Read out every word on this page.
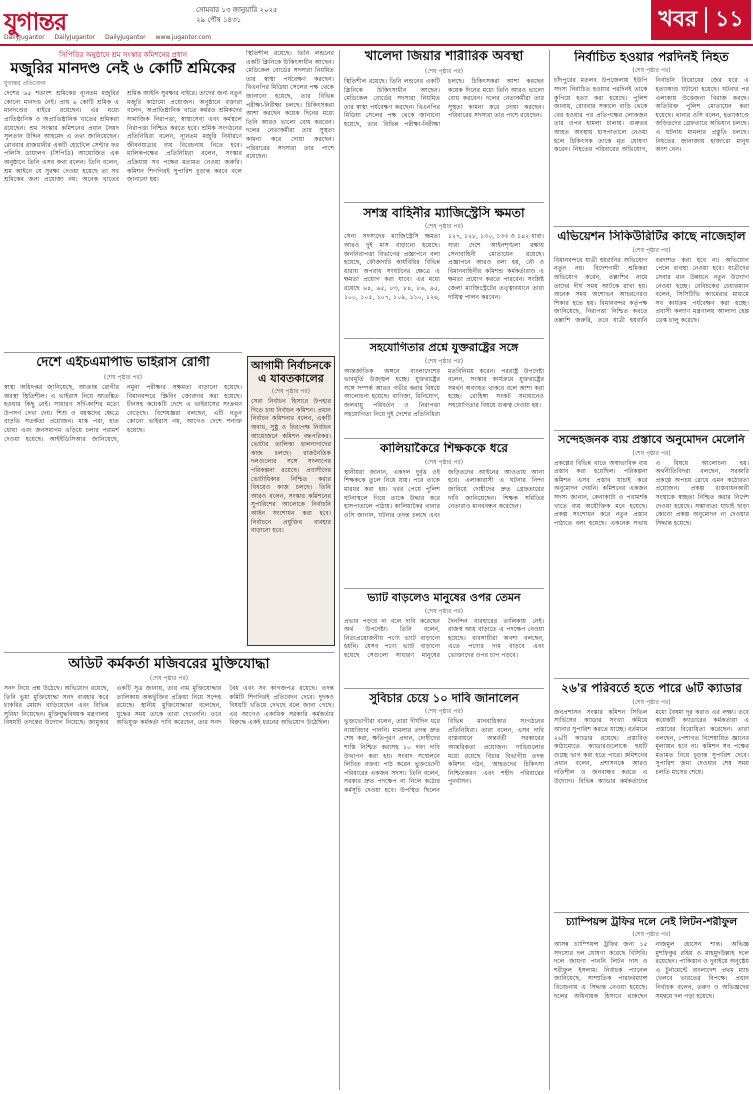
যুগান্তর	সোমবার ১৩ জানুয়ারি ২০২৫
২৯ পৌষ ১৪৩১
DailyJugantor DailyJugantor DailyJugantor www.jugantor.com
খবর ১১
সিপিডির অনুষ্ঠানে শ্রম সংস্কার কমিশনের প্রধান
মজুরির মানদণ্ড নেই ৬ কোটি শ্রমিকের
যুগান্তর প্রতিবেদন
দেশের ৬৫ শতাংশ শ্রমিকের ন্যূনতম মজুরির কোনো মানদণ্ড নেই। প্রায় ৬ কোটি শ্রমিক এ মানদণ্ডের বাইরে রয়েছেন। এর মধ্যে প্রাতিষ্ঠানিক ও অপ্রাতিষ্ঠানিক খাতের শ্রমিকরা রয়েছেন। শ্রম সংস্কার কমিশনের প্রধান সৈয়দ সুলতান উদ্দিন আহমেদ এ তথ্য জানিয়েছেন। রোববার রাজধানীর একটি হোটেলে সেন্টার ফর পলিসি ডায়ালগ (সিপিডি) আয়োজিত এক অনুষ্ঠানে তিনি এসব কথা বলেন। তিনি বলেন, শ্রম আইনে যে সুরক্ষা দেওয়া হয়েছে তা সব শ্রমিকের জন্য প্রযোজ্য নয়। অনেক খাতের শ্রমিক আইনি সুরক্ষার বাইরে। তাদের জন্য নতুন মজুরি কাঠামো প্রয়োজন। অনুষ্ঠানে বক্তারা বলেন, অপ্রাতিষ্ঠানিক খাতে কর্মরত শ্রমিকদের সামাজিক নিরাপত্তা, স্বাস্থ্যসেবা এবং কর্মস্থলে নিরাপত্তা নিশ্চিত করতে হবে। শ্রমিক সংগঠনের প্রতিনিধিরা বলেন, ন্যূনতম মজুরি নির্ধারণে জীবনযাত্রার ব্যয় বিবেচনায় নিতে হবে। মালিকপক্ষের প্রতিনিধিরা বলেন, সংস্কার প্রক্রিয়ায় সব পক্ষের মতামত নেওয়া জরুরি। কমিশন শিগগিরই সুপারিশ চূড়ান্ত করবে বলে জানানো হয়।
দেশে এইচএমপিভি ভাইরাস রোগী
(শেষ পৃষ্ঠার পর)
স্বাস্থ্য অধিদপ্তর জানিয়েছে, আক্রান্ত রোগীর অবস্থা স্থিতিশীল। এ ভাইরাস নিয়ে আতঙ্কিত হওয়ার কিছু নেই। সাধারণ সর্দি-কাশির মতো উপসর্গ দেখা দেয়। শিশু ও বয়স্কদের ক্ষেত্রে বাড়তি সতর্কতা প্রয়োজন। মাস্ক পরা, হাত ধোয়া এবং জনসমাগম এড়িয়ে চলার পরামর্শ দেওয়া হয়েছে। আইইডিসিআর জানিয়েছে, নমুনা পরীক্ষার সক্ষমতা বাড়ানো হয়েছে। বিমানবন্দরে স্ক্রিনিং জোরদার করা হয়েছে। চীনসহ কয়েকটি দেশে এ ভাইরাসের সংক্রমণ বেড়েছে। বিশেষজ্ঞরা বলছেন, এটি নতুন কোনো ভাইরাস নয়, আগেও দেশে শনাক্ত হয়েছে।
আগামী নির্বাচনকে এ যাবতকালের
(শেষ পৃষ্ঠার পর)
সেরা নির্বাচন হিসাবে উপহার দিতে চায় নির্বাচন কমিশন। প্রধান নির্বাচন কমিশনার বলেন, একটি অবাধ, সুষ্ঠু ও নিরপেক্ষ নির্বাচন আয়োজনে কমিশন বদ্ধপরিকর। ভোটার তালিকা হালনাগাদের কাজ চলছে। রাজনৈতিক দলগুলোর সঙ্গে সংলাপের পরিকল্পনা রয়েছে। প্রবাসীদের ভোটাধিকার নিশ্চিত করার বিষয়েও কাজ চলছে। তিনি আরও বলেন, সংস্কার কমিশনের সুপারিশের আলোকে নির্বাচনি আইন সংশোধন করা হবে। নির্বাচনে প্রযুক্তির ব্যবহার বাড়ানো হবে।
অডিট কর্মকর্তা মজিবরের মুক্তিযোদ্ধা
(শেষ পৃষ্ঠার পর)
সনদ নিয়ে প্রশ্ন উঠেছে। অভিযোগ রয়েছে, তিনি ভুয়া মুক্তিযোদ্ধা সনদ ব্যবহার করে চাকরির মেয়াদ বাড়িয়েছেন এবং বিভিন্ন সুবিধা নিয়েছেন। মুক্তিযুদ্ধবিষয়ক মন্ত্রণালয় বিষয়টি তদন্তের উদ্যোগ নিয়েছে। জামুকার একটি সূত্র জানায়, তার নাম মুক্তিযোদ্ধার তালিকায় অন্তর্ভুক্তির প্রক্রিয়া নিয়ে সন্দেহ রয়েছে। স্থানীয় মুক্তিযোদ্ধারা বলেছেন, যুদ্ধের সময় তাকে তারা দেখেননি। তবে অভিযুক্ত কর্মকর্তা দাবি করেছেন, তার সনদ বৈধ এবং সব কাগজপত্র রয়েছে। তদন্ত কমিটি শিগগিরই প্রতিবেদন দেবে। দুদকও বিষয়টি খতিয়ে দেখছে বলে জানা গেছে। এর আগেও একাধিক সরকারি কর্মকর্তার বিরুদ্ধে একই ধরনের অভিযোগ উঠেছিল।
স্থিতিশীল রয়েছে। তিনি লন্ডনের একটি ক্লিনিকে চিকিৎসাধীন আছেন। মেডিকেল বোর্ডের সদস্যরা নিয়মিত তার স্বাস্থ্য পর্যবেক্ষণ করছেন। বিএনপির মিডিয়া সেলের পক্ষ থেকে জানানো হয়েছে, তার বিভিন্ন পরীক্ষা-নিরীক্ষা চলছে। চিকিৎসকরা আশা করছেন কয়েক দিনের মধ্যে তিনি আরও ভালো বোধ করবেন। দলের নেতাকর্মীরা তার সুস্থতা কামনা করে দোয়া করছেন। পরিবারের সদস্যরা তার পাশে রয়েছেন।
খালেদা জিয়ার শারীরিক অবস্থা
(শেষ পৃষ্ঠার পর)
স্থিতিশীল রয়েছে। তিনি লন্ডনের একটি ক্লিনিকে চিকিৎসাধীন আছেন। মেডিকেল বোর্ডের সদস্যরা নিয়মিত তার স্বাস্থ্য পর্যবেক্ষণ করছেন। বিএনপির মিডিয়া সেলের পক্ষ থেকে জানানো হয়েছে, তার বিভিন্ন পরীক্ষা-নিরীক্ষা চলছে। চিকিৎসকরা আশা করছেন কয়েক দিনের মধ্যে তিনি আরও ভালো বোধ করবেন। দলের নেতাকর্মীরা তার সুস্থতা কামনা করে দোয়া করছেন। পরিবারের সদস্যরা তার পাশে রয়েছেন।
সশস্ত্র বাহিনীর ম্যাজিস্ট্রেসি ক্ষমতা
(শেষ পৃষ্ঠার পর)
সেনা সদস্যদের ম্যাজিস্ট্রেসি ক্ষমতা আরও দুই মাস বাড়ানো হয়েছে। জননিরাপত্তা বিভাগের প্রজ্ঞাপনে বলা হয়েছে, ফৌজদারি কার্যবিধির বিভিন্ন ধারায় অপরাধ সংঘটনের ক্ষেত্রে এ ক্ষমতা প্রয়োগ করা যাবে। এর মধ্যে রয়েছে ৬৪, ৬৫, ৮৩, ৮৪, ৮৬, ৯৫, ১০০, ১০৫, ১০৭, ১০৯, ১১০, ১২৬, ১২৭, ১২৮, ১৩০, ১৩৩ ও ১৪২ ধারা। সারা দেশে আইনশৃঙ্খলা রক্ষায় সেনাবাহিনী মোতায়েন রয়েছে। প্রজ্ঞাপনে আরও বলা হয়, নৌ ও বিমানবাহিনীর কমিশন্ড কর্মকর্তারাও এ ক্ষমতা প্রয়োগ করতে পারবেন। সংশ্লিষ্ট জেলা ম্যাজিস্ট্রেটের তত্ত্বাবধানে তারা দায়িত্ব পালন করবেন।
সহযোগিতার প্রশ্নে যুক্তরাষ্ট্রের সঙ্গে
(শেষ পৃষ্ঠার পর)
আন্তর্জাতিক অঙ্গনে বাংলাদেশের ভাবমূর্তি উজ্জ্বল হচ্ছে। যুক্তরাষ্ট্রের সঙ্গে সম্পর্ক আরও গভীর করার বিষয়ে আলোচনা হয়েছে। বাণিজ্য, বিনিয়োগ, জলবায়ু পরিবর্তন ও নিরাপত্তা সহযোগিতা নিয়ে দুই দেশের প্রতিনিধিরা মতবিনিময় করেন। পররাষ্ট্র উপদেষ্টা বলেন, সংস্কার কার্যক্রমে যুক্তরাষ্ট্রের সমর্থন অব্যাহত থাকবে বলে আশা করা হচ্ছে। রোহিঙ্গা সংকট সমাধানেও সহযোগিতার বিষয়ে গুরুত্ব দেওয়া হয়।
কালিয়াকৈরে শিক্ষককে ধরে
(শেষ পৃষ্ঠার পর)
স্থানীয়রা জানান, একদল দুর্বৃত্ত ওই শিক্ষককে তুলে নিয়ে যায়। পরে তাকে মারধর করা হয়। খবর পেয়ে পুলিশ ঘটনাস্থলে গিয়ে তাকে উদ্ধার করে হাসপাতালে পাঠায়। কালিয়াকৈর থানার ওসি জানান, ঘটনার তদন্ত চলছে এবং জড়িতদের আইনের আওতায় আনা হবে। এলাকাবাসী এ ঘটনার নিন্দা জানিয়ে দোষীদের দ্রুত গ্রেফতারের দাবি জানিয়েছেন। শিক্ষক সমিতির নেতারাও মানববন্ধন করেছেন।
ভ্যাট বাড়লেও মানুষের ওপর তেমন
(শেষ পৃষ্ঠার পর)
প্রভাব পড়বে না বলে দাবি করেছেন অর্থ উপদেষ্টা। তিনি বলেন, নিত্যপ্রয়োজনীয় পণ্যে ভ্যাট বাড়ানো হয়নি। যেসব পণ্যে ভ্যাট বাড়ানো হয়েছে সেগুলো সাধারণ মানুষের দৈনন্দিন ব্যবহারের তালিকায় নেই। রাজস্ব আয় বাড়াতে এ পদক্ষেপ নেওয়া হয়েছে। ব্যবসায়ীরা অবশ্য বলছেন, এতে পণ্যের দাম বাড়বে এবং ভোক্তাদের ওপর চাপ পড়বে।
সুবিচার চেয়ে ১০ দাবি জানালেন
(শেষ পৃষ্ঠার পর)
ভুক্তভোগীরা বলেন, তারা দীর্ঘদিন ধরে ন্যায়বিচার পাননি। মামলার তদন্ত দ্রুত শেষ করা, ক্ষতিপূরণ প্রদান, দোষীদের শাস্তি নিশ্চিত করাসহ ১০ দফা দাবি উত্থাপন করা হয়। সংবাদ সম্মেলনে লিখিত বক্তব্য পাঠ করেন ভুক্তভোগী পরিবারের একজন সদস্য। তিনি বলেন, সরকার দ্রুত পদক্ষেপ না নিলে কঠোর কর্মসূচি দেওয়া হবে। উপস্থিত ছিলেন বিভিন্ন মানবাধিকার সংগঠনের প্রতিনিধিরা। তারা বলেন, এসব দাবি বাস্তবায়নে অন্তর্বর্তী সরকারের আন্তরিকতা প্রয়োজন। দাবিগুলোর মধ্যে রয়েছে বিচার বিভাগীয় তদন্ত কমিশন গঠন, আহতদের চিকিৎসা নিশ্চিতকরণ এবং শহীদ পরিবারের পুনর্বাসন।
নির্বাচিত হওয়ার পরদিনই নিহত
(শেষ পৃষ্ঠার পর)
চাঁদপুরের মতলব উপজেলায় ইউপি সদস্য নির্বাচিত হওয়ার পরদিনই তাকে কুপিয়ে হত্যা করা হয়েছে। পুলিশ জানায়, রোববার সকালে বাড়ি থেকে বের হওয়ার পর প্রতিপক্ষের লোকজন তার ওপর হামলা চালায়। গুরুতর আহত অবস্থায় হাসপাতালে নেওয়া হলে চিকিৎসক তাকে মৃত ঘোষণা করেন। নিহতের পরিবারের অভিযোগ, নির্বাচনি বিরোধের জের ধরে এ হত্যাকাণ্ড ঘটানো হয়েছে। ঘটনার পর এলাকায় উত্তেজনা বিরাজ করছে। অতিরিক্ত পুলিশ মোতায়েন করা হয়েছে। থানার ওসি বলেন, হত্যাকাণ্ডে জড়িতদের গ্রেফতারে অভিযান চলছে। এ ঘটনায় মামলার প্রস্তুতি চলছে। নিহতের জানাজায় হাজারো মানুষ অংশ নেন।
এভিয়েশন সিকিউরিটির কাছে নাজেহাল
(শেষ পৃষ্ঠার পর)
বিমানবন্দরে যাত্রী হয়রানির অভিযোগ নতুন নয়। বিদেশগামী শ্রমিকরা অভিযোগ করেন, তল্লাশির নামে তাদের দীর্ঘ সময় আটকে রাখা হয়। অনেক সময় অশোভন আচরণেরও শিকার হতে হয়। বিমানবন্দর কর্তৃপক্ষ জানিয়েছে, নিরাপত্তা নিশ্চিত করতে তল্লাশি জরুরি, তবে যাত্রী হয়রানি বরদাশত করা হবে না। অভিযোগ পেলে ব্যবস্থা নেওয়া হবে। যাত্রীদের সেবার মান উন্নয়নে নতুন উদ্যোগ নেওয়া হচ্ছে। বেবিচকের চেয়ারম্যান বলেন, সিসিটিভি ক্যামেরার মাধ্যমে সব কার্যক্রম পর্যবেক্ষণ করা হচ্ছে। প্রবাসী কল্যাণ মন্ত্রণালয় আলাদা হেল্প ডেস্ক চালু করেছে।
সন্দেহজনক ব্যয় প্রস্তাবে অনুমোদন মেলেনি
(শেষ পৃষ্ঠার পর)
প্রকল্পের বিভিন্ন খাতে অস্বাভাবিক ব্যয় প্রস্তাব করা হয়েছিল। পরিকল্পনা কমিশন এসব প্রস্তাব যাচাই করে অনুমোদন দেয়নি। কমিশনের একজন সদস্য জানান, কেনাকাটা ও পরামর্শক খাতে ব্যয় অযৌক্তিক মনে হয়েছে। প্রকল্প সংশোধন করে নতুন প্রস্তাব পাঠাতে বলা হয়েছে। একনেক সভায় এ বিষয়ে আলোচনা হয়। অর্থনীতিবিদরা বলছেন, সরকারি প্রকল্পে অপচয় রোধে এমন কঠোরতা প্রয়োজন। প্রকল্প বাস্তবায়নকারী সংস্থাকে স্বচ্ছতা নিশ্চিত করার নির্দেশ দেওয়া হয়েছে। সম্ভাব্যতা যাচাই ছাড়া কোনো প্রকল্প অনুমোদন না দেওয়ার সিদ্ধান্ত হয়েছে।
২৬'র পরিবর্তে হতে পারে ৬টি ক্যাডার
(শেষ পৃষ্ঠার পর)
জনপ্রশাসন সংস্কার কমিশন সিভিল সার্ভিসের ক্যাডার সংখ্যা কমিয়ে আনার সুপারিশ করতে যাচ্ছে। বর্তমানে ২৬টি ক্যাডার রয়েছে। প্রস্তাবিত কাঠামোতে ক্যাডারগুলোকে ছয়টি গুচ্ছে ভাগ করা হতে পারে। কমিশনের প্রধান বলেন, প্রশাসনকে আরও গতিশীল ও জনবান্ধব করতে এ উদ্যোগ। বিভিন্ন ক্যাডার কর্মকর্তাদের মধ্যে বৈষম্য দূর করাও এর লক্ষ্য। তবে কয়েকটি ক্যাডারের কর্মকর্তারা এ প্রস্তাবের বিরোধিতা করেছেন। তারা বলছেন, পেশাগত বিশেষায়িত জ্ঞানের মূল্যায়ন হবে না। কমিশন সব পক্ষের মতামত নিয়ে চূড়ান্ত সুপারিশ দেবে। সুপারিশ জমা দেওয়ার শেষ সময় চলতি মাসের শেষে।
চ্যাম্পিয়ন্স ট্রফির দলে নেই লিটন-শরীফুল
(শেষ পৃষ্ঠার পর)
আসন্ন চ্যাম্পিয়ন্স ট্রফির জন্য ১৫ সদস্যের দল ঘোষণা করেছে বিসিবি। দলে জায়গা পাননি লিটন দাস ও শরীফুল ইসলাম। নির্বাচক প্যানেল জানিয়েছে, সাম্প্রতিক পারফরম্যান্স বিবেচনায় এ সিদ্ধান্ত নেওয়া হয়েছে। দলের অধিনায়ক হিসাবে থাকছেন নাজমুল হোসেন শান্ত। অভিজ্ঞ মুশফিকুর রহিম ও মাহমুদউল্লাহ দলে রয়েছেন। পাকিস্তান ও দুবাইয়ে অনুষ্ঠেয় এ টুর্নামেন্টে বাংলাদেশ প্রথম ম্যাচ খেলবে ভারতের বিপক্ষে। প্রধান নির্বাচক বলেন, তরুণ ও অভিজ্ঞদের সমন্বয়ে দল গড়া হয়েছে।
